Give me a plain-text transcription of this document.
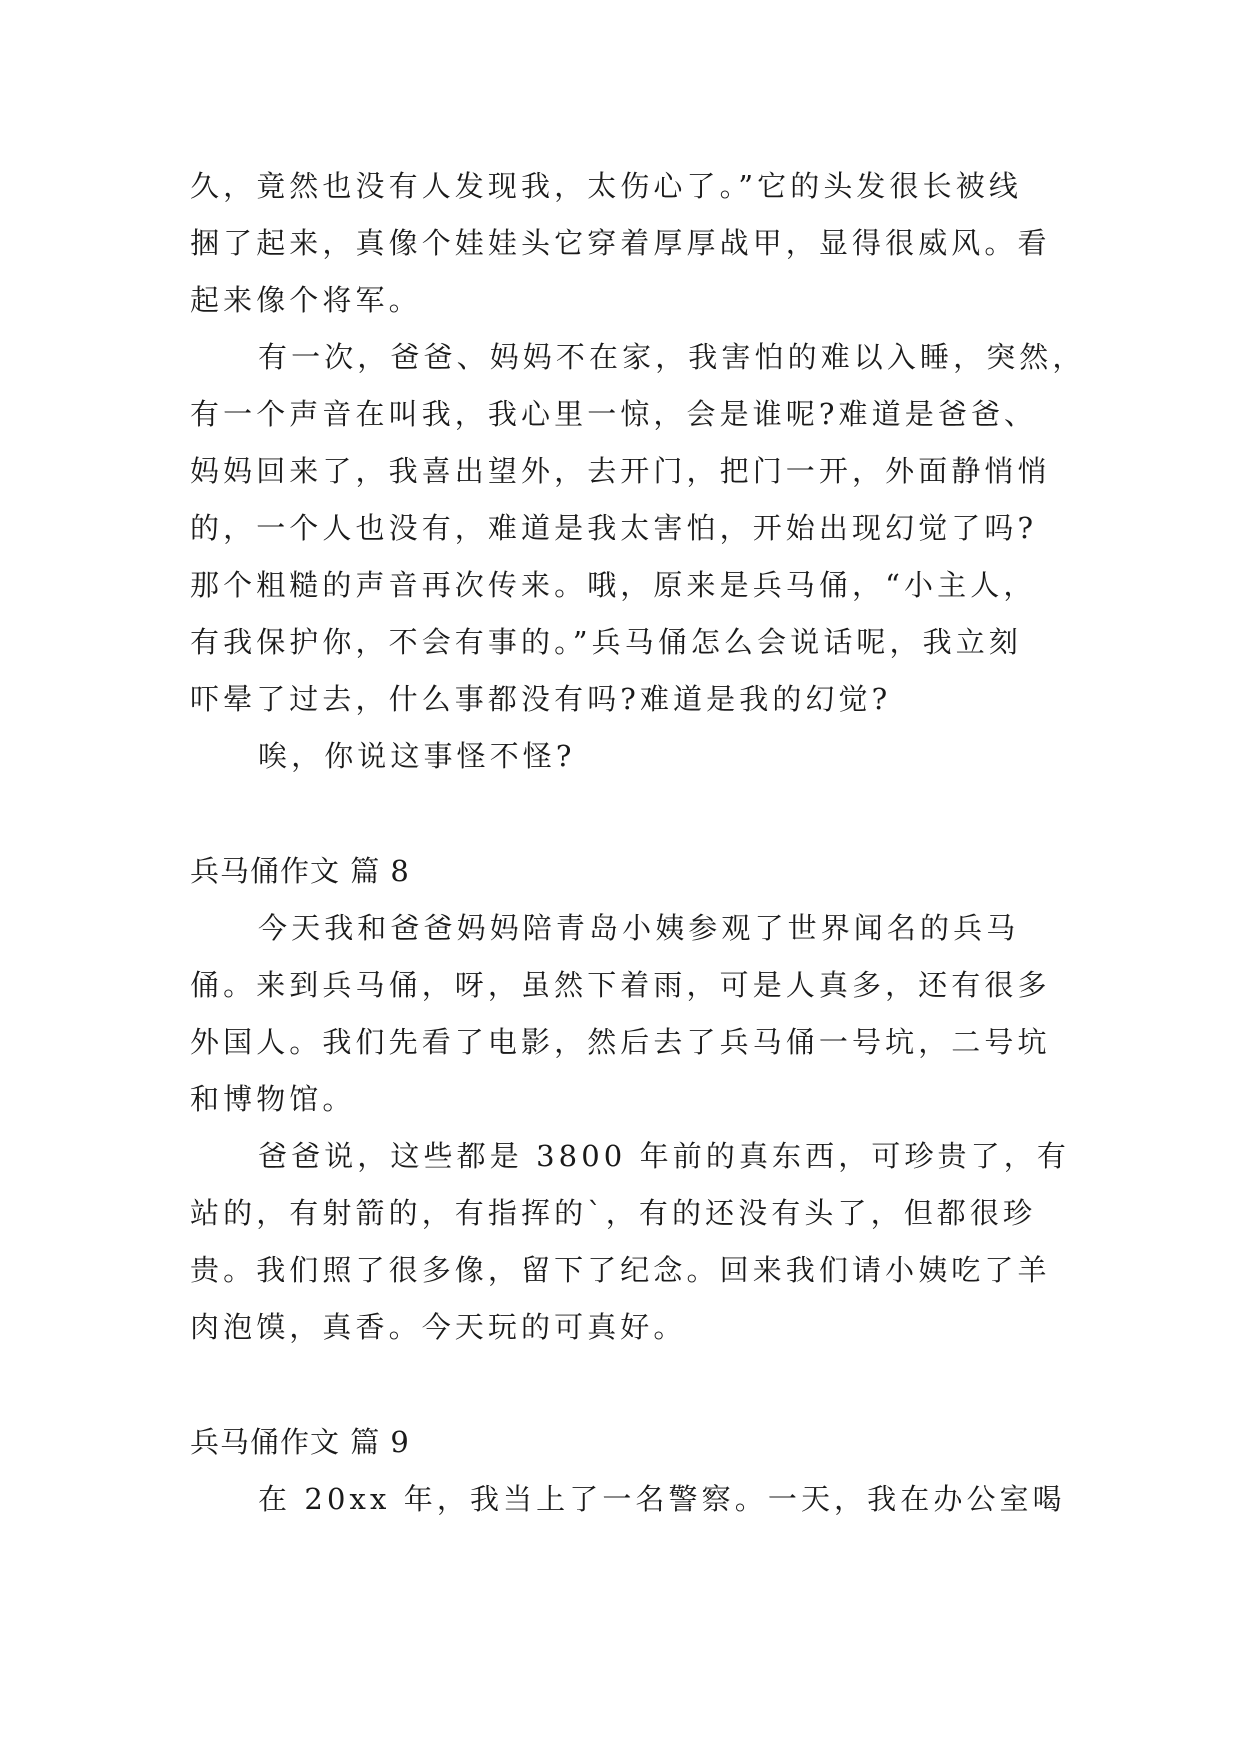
久，竟然也没有人发现我，太伤心了。”它的头发很长被线
捆了起来，真像个娃娃头它穿着厚厚战甲，显得很威风。看
起来像个将军。
有一次，爸爸、妈妈不在家，我害怕的难以入睡，突然，
有一个声音在叫我，我心里一惊，会是谁呢?难道是爸爸、
妈妈回来了，我喜出望外，去开门，把门一开，外面静悄悄
的，一个人也没有，难道是我太害怕，开始出现幻觉了吗?
那个粗糙的声音再次传来。哦，原来是兵马俑，“小主人，
有我保护你，不会有事的。”兵马俑怎么会说话呢，我立刻
吓晕了过去，什么事都没有吗?难道是我的幻觉?
唉，你说这事怪不怪?
兵马俑作文 篇 8
今天我和爸爸妈妈陪青岛小姨参观了世界闻名的兵马
俑。来到兵马俑，呀，虽然下着雨，可是人真多，还有很多
外国人。我们先看了电影，然后去了兵马俑一号坑，二号坑
和博物馆。
爸爸说，这些都是 3800 年前的真东西，可珍贵了，有
站的，有射箭的，有指挥的`，有的还没有头了，但都很珍
贵。我们照了很多像，留下了纪念。回来我们请小姨吃了羊
肉泡馍，真香。今天玩的可真好。
兵马俑作文 篇 9
在 20xx 年，我当上了一名警察。一天，我在办公室喝
